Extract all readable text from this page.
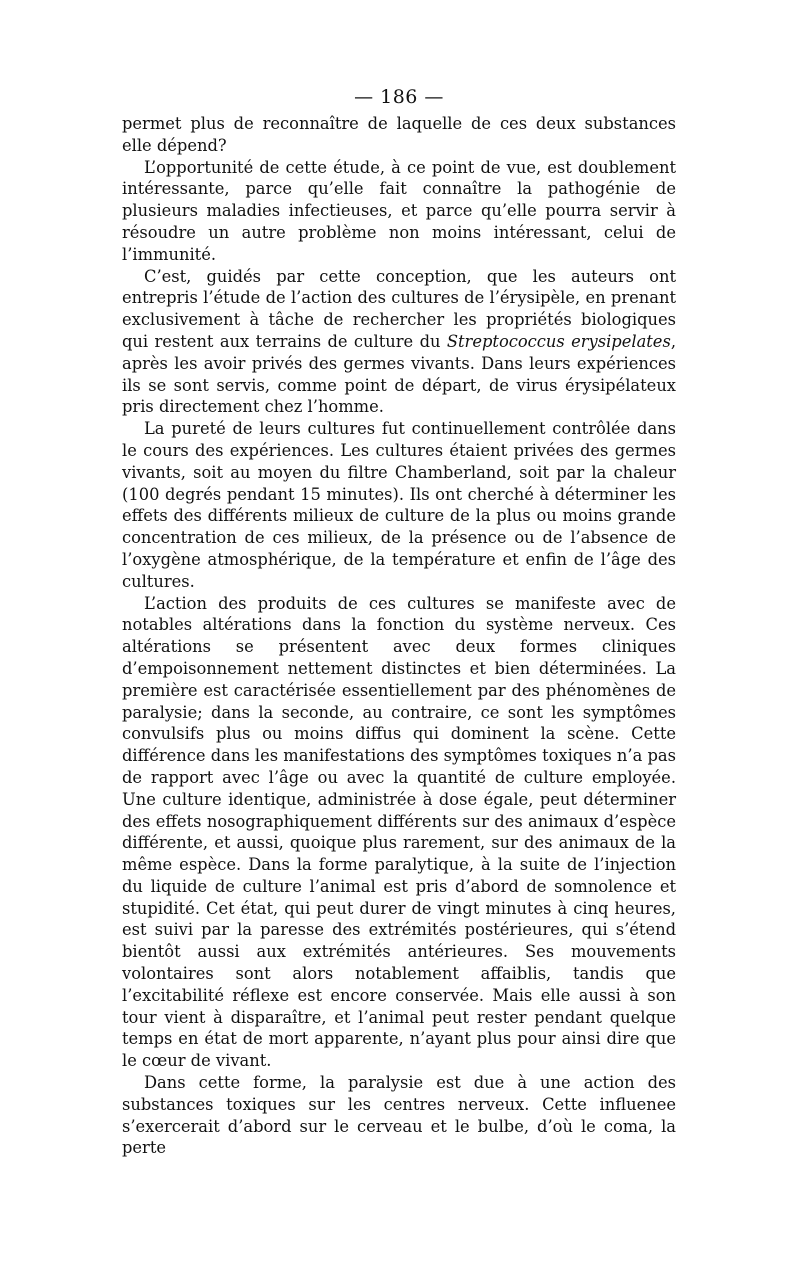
— 186 —

permet plus de reconnaître de laquelle de ces deux substances elle dépend?

L’opportunité de cette étude, à ce point de vue, est doublement intéressante, parce qu’elle fait connaître la pathogénie de plusieurs maladies infectieuses, et parce qu’elle pourra servir à résoudre un autre problème non moins intéressant, celui de l’immunité.

C’est, guidés par cette conception, que les auteurs ont entrepris l’étude de l’action des cultures de l’érysipèle, en prenant exclusivement à tâche de rechercher les propriétés biologiques qui restent aux terrains de culture du Streptococcus erysipelates, après les avoir privés des germes vivants. Dans leurs expériences ils se sont servis, comme point de départ, de virus érysipélateux pris directement chez l’homme.

La pureté de leurs cultures fut continuellement contrôlée dans le cours des expériences. Les cultures étaient privées des germes vivants, soit au moyen du filtre Chamberland, soit par la chaleur (100 degrés pendant 15 minutes). Ils ont cherché à déterminer les effets des différents milieux de culture de la plus ou moins grande concentration de ces milieux, de la présence ou de l’absence de l’oxygène atmosphérique, de la température et enfin de l’âge des cultures.

L’action des produits de ces cultures se manifeste avec de notables altérations dans la fonction du système nerveux. Ces altérations se présentent avec deux formes cliniques d’empoisonnement nettement distinctes et bien déterminées. La première est caractérisée essentiellement par des phénomènes de paralysie; dans la seconde, au contraire, ce sont les symptômes convulsifs plus ou moins diffus qui dominent la scène. Cette différence dans les manifestations des symptômes toxiques n’a pas de rapport avec l’âge ou avec la quantité de culture employée. Une culture identique, administrée à dose égale, peut déterminer des effets nosographiquement différents sur des animaux d’espèce différente, et aussi, quoique plus rarement, sur des animaux de la même espèce. Dans la forme paralytique, à la suite de l’injection du liquide de culture l’animal est pris d’abord de somnolence et stupidité. Cet état, qui peut durer de vingt minutes à cinq heures, est suivi par la paresse des extrémités postérieures, qui s’étend bientôt aussi aux extrémités antérieures. Ses mouvements volontaires sont alors notablement affaiblis, tandis que l’excitabilité réflexe est encore conservée. Mais elle aussi à son tour vient à disparaître, et l’animal peut rester pendant quelque temps en état de mort apparente, n’ayant plus pour ainsi dire que le cœur de vivant.

Dans cette forme, la paralysie est due à une action des substances toxiques sur les centres nerveux. Cette influenee s’exercerait d’abord sur le cerveau et le bulbe, d’où le coma, la perte
